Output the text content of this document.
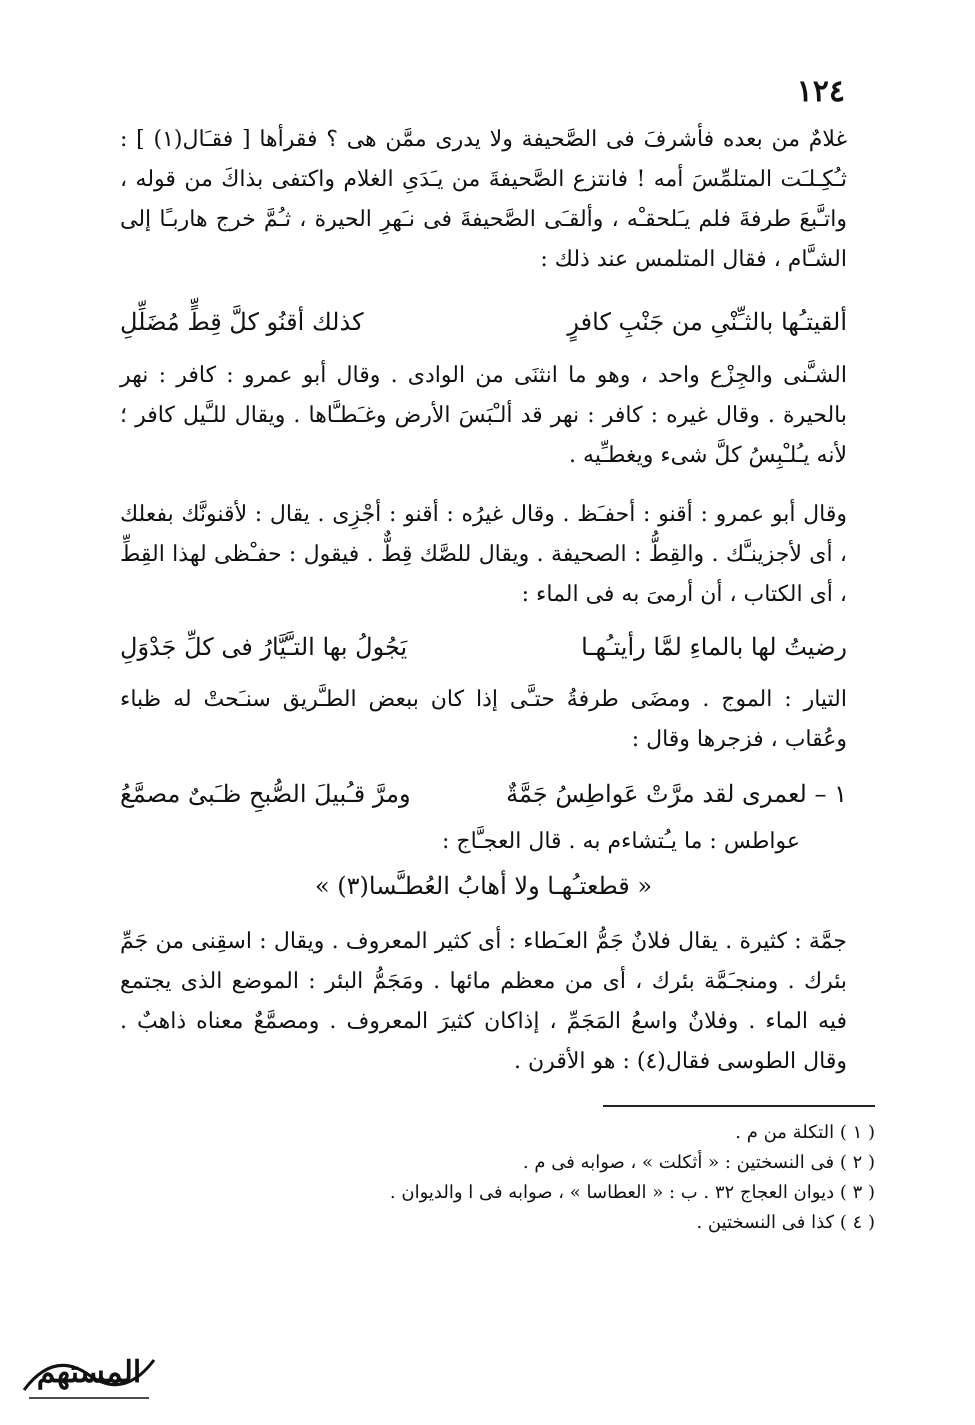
١٢٤

غلامٌ من بعده فأشرفَ فى الصَّحيفة ولا يدرى ممَّن هى ؟ فقرأها [ فقـَال(١) ] : ثـُكِـلـَت المتلمِّسَ أمه ! فانتزع الصَّحيفةَ من يـَدَىِ الغلام واكتفى بذاكَ من قوله ، واتـَّبعَ طرفةَ فلم يـَلحقـْه ، وألقـَى الصَّحيفةَ فى نـَهرِ الحيرة ، ثـُمَّ خرج هاربـًا إلى الشـَّام ، فقال المتلمس عند ذلك :

ألقيتـُها بالثـِّنْىِ من جَنْبِ كافرٍ
كذلك أقنُو كلَّ قِطٍّ مُضَلِّلِ

الشـَّنى والجِزْع واحد ، وهو ما انثنَى من الوادى . وقال أبو عمرو : كافر : نهر بالحيرة . وقال غيره : كافر : نهر قد ألـْبَسَ الأرض وغـَطـَّاها . ويقال للـَّيل كافر ؛ لأنه يـُلـْبِسُ كلَّ شىء ويغطـِّيه .

وقال أبو عمرو : أقنو : أحفـَظ . وقال غيرُه : أقنو : أجْزِى . يقال : لأقنونَّك بفعلك ، أى لأجزينـَّك . والقِطُّ : الصحيفة . ويقال للصَّك قِطٌّ . فيقول : حفـْظى لهذا القِطِّ ، أى الكتاب ، أن أرمىَ به فى الماء :

رضيتُ لها بالماءِ لمَّا رأيتـُهـا
يَجُولُ بها التـَّيَّارُ فى كلِّ جَدْوَلِ

التيار : الموج . ومضَى طرفةُ حتـَّى إذا كان ببعض الطـَّريق سنـَحتْ له ظباء وعُقاب ، فزجرها وقال :

١ – لعمرى لقد مرَّتْ عَواطِسُ جَمَّةٌ
ومرَّ قـُبيلَ الصُّبحِ ظـَبىٌ مصمَّعُ

عواطس : ما يـُتشاءم به . قال العجـَّاج :

« قطعتـُهـا ولا أهابُ العُطـَّسا(٣) »

جمَّة : كثيرة . يقال فلانٌ جَمُّ العـَطاء : أى كثير المعروف . ويقال : اسقِنى من جَمِّ بئرك . ومنجـَمَّة بئرك ، أى من معظم مائها . ومَجَمُّ البئر : الموضع الذى يجتمع فيه الماء . وفلانٌ واسعُ المَجَمِّ ، إذاكان كثيرَ المعروف . ومصمَّعٌ معناه ذاهبٌ . وقال الطوسى فقال(٤) : هو الأقرن .

( ١ ) التكلة من م .
( ٢ ) فى النسختين : « أثكلت » ، صوابه فى م .
( ٣ ) ديوان العجاج ٣٢ . ب : « العطاسا » ، صوابه فى ا والديوان .
( ٤ ) كذا فى النسختين .
المستهم
